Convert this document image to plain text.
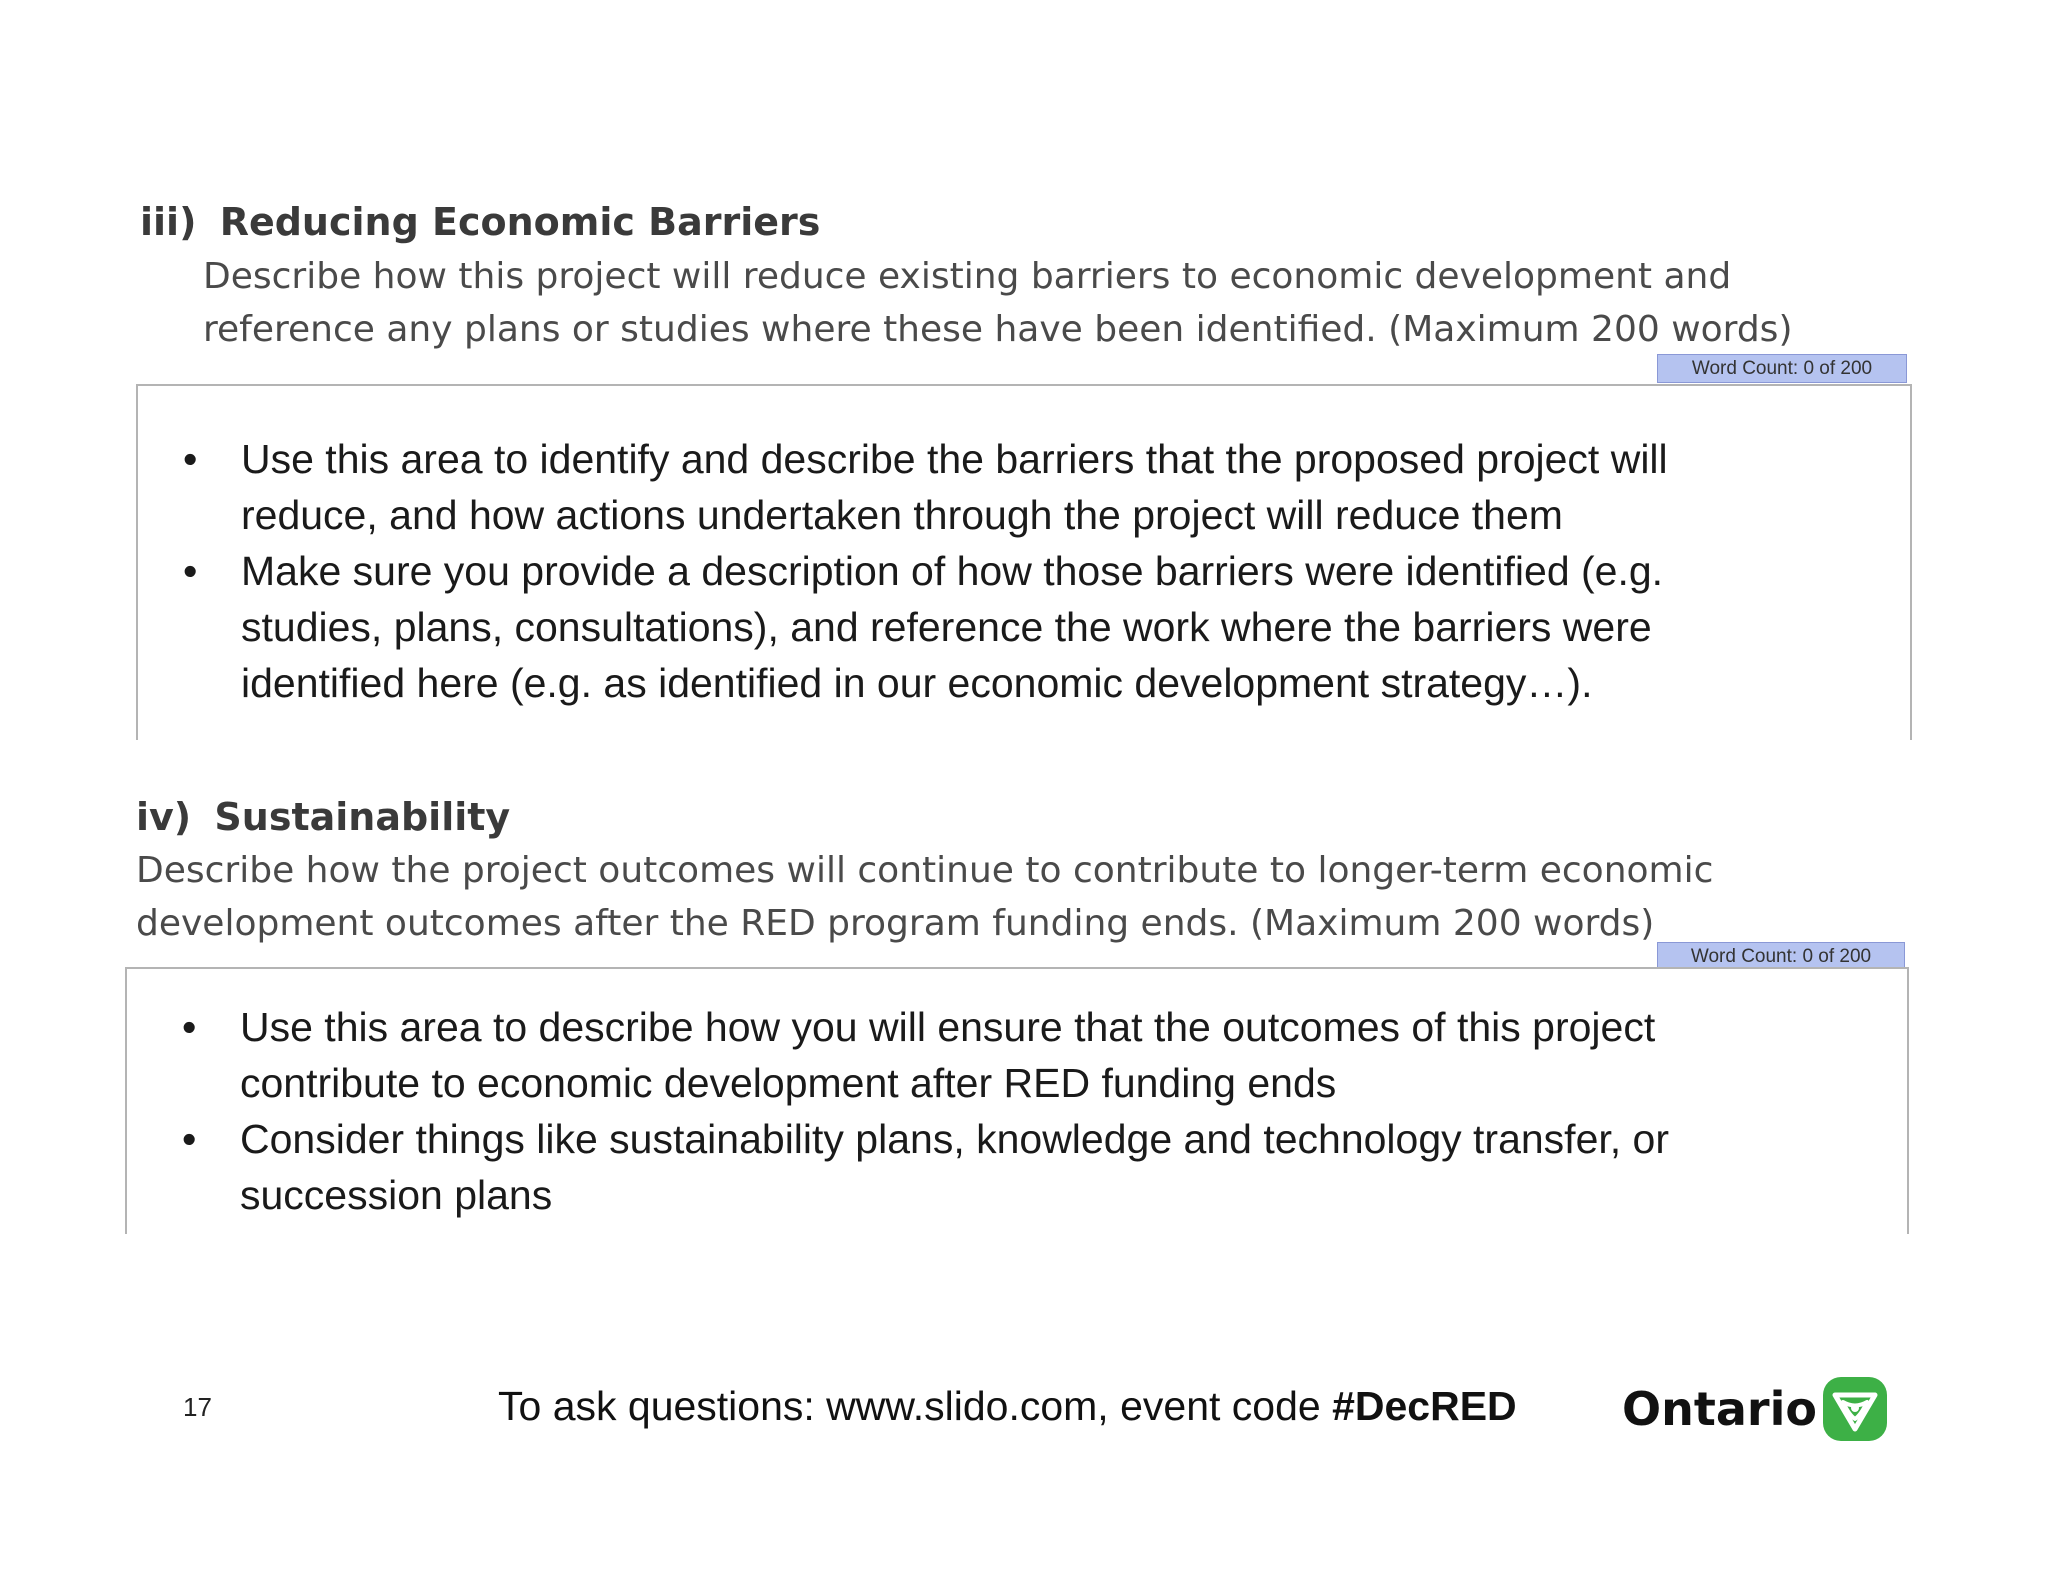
iii) Reducing Economic Barriers
Describe how this project will reduce existing barriers to economic development and
reference any plans or studies where these have been identified. (Maximum 200 words)
Word Count: 0 of 200
• Use this area to identify and describe the barriers that the proposed project will
reduce, and how actions undertaken through the project will reduce them
• Make sure you provide a description of how those barriers were identified (e.g.
studies, plans, consultations), and reference the work where the barriers were
identified here (e.g. as identified in our economic development strategy…).
iv) Sustainability
Describe how the project outcomes will continue to contribute to longer-term economic
development outcomes after the RED program funding ends. (Maximum 200 words)
Word Count: 0 of 200
• Use this area to describe how you will ensure that the outcomes of this project
contribute to economic development after RED funding ends
• Consider things like sustainability plans, knowledge and technology transfer, or
succession plans
17	To ask questions: www.slido.com, event code #DecRED Ontario
